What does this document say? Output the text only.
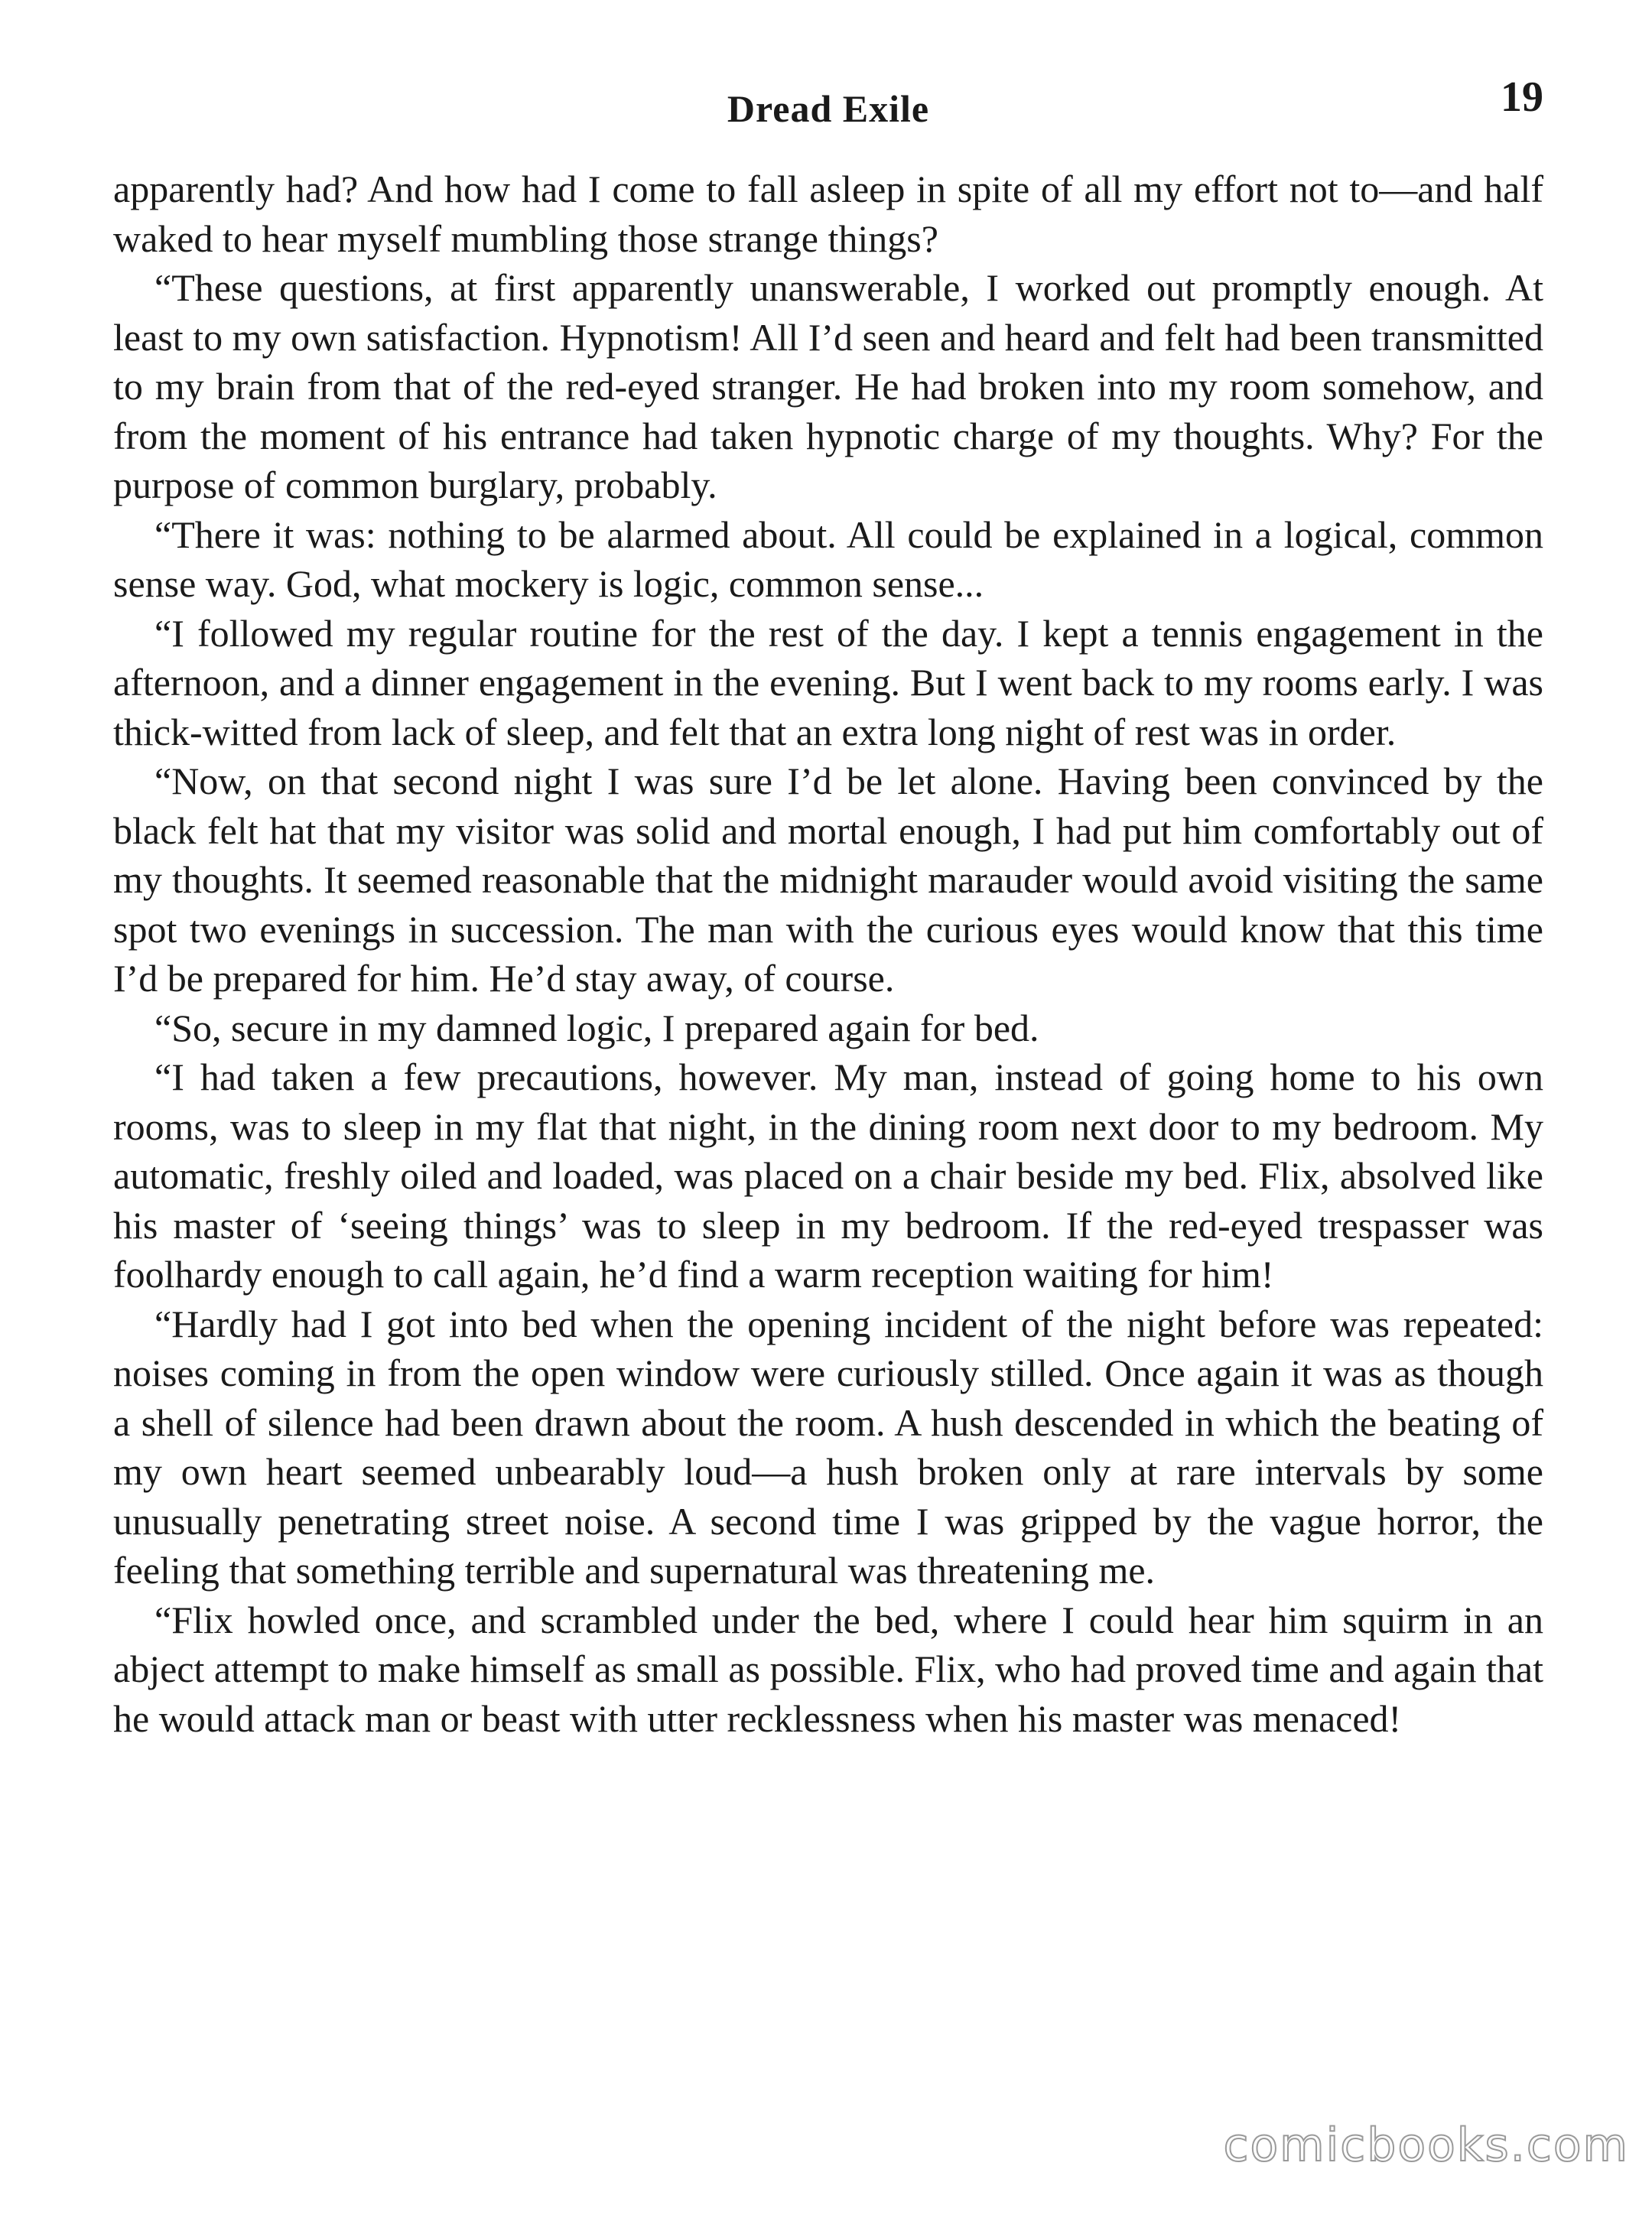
Dread Exile	19

apparently had? And how had I come to fall asleep in spite of all my effort not to—and half waked to hear myself mumbling those strange things?

“These questions, at first apparently unanswerable, I worked out promptly enough. At least to my own satisfaction. Hypnotism! All I’d seen and heard and felt had been transmitted to my brain from that of the red-eyed stranger. He had broken into my room somehow, and from the moment of his entrance had taken hypnotic charge of my thoughts. Why? For the purpose of common burglary, probably.

“There it was: nothing to be alarmed about. All could be explained in a logical, common sense way. God, what mockery is logic, common sense...

“I followed my regular routine for the rest of the day. I kept a tennis engagement in the afternoon, and a dinner engagement in the evening. But I went back to my rooms early. I was thick-witted from lack of sleep, and felt that an extra long night of rest was in order.

“Now, on that second night I was sure I’d be let alone. Having been convinced by the black felt hat that my visitor was solid and mortal enough, I had put him comfortably out of my thoughts. It seemed reasonable that the midnight marauder would avoid visiting the same spot two evenings in succession. The man with the curious eyes would know that this time I’d be prepared for him. He’d stay away, of course.

“So, secure in my damned logic, I prepared again for bed.

“I had taken a few precautions, however. My man, instead of going home to his own rooms, was to sleep in my flat that night, in the dining room next door to my bedroom. My automatic, freshly oiled and loaded, was placed on a chair beside my bed. Flix, absolved like his master of ‘seeing things’ was to sleep in my bedroom. If the red-eyed trespasser was foolhardy enough to call again, he’d find a warm reception waiting for him!

“Hardly had I got into bed when the opening incident of the night before was repeated: noises coming in from the open window were curiously stilled. Once again it was as though a shell of silence had been drawn about the room. A hush descended in which the beating of my own heart seemed unbearably loud—a hush broken only at rare intervals by some unusually penetrating street noise. A second time I was gripped by the vague horror, the feeling that something terrible and supernatural was threatening me.

“Flix howled once, and scrambled under the bed, where I could hear him squirm in an abject attempt to make himself as small as possible. Flix, who had proved time and again that he would attack man or beast with utter recklessness when his master was menaced!

comicbooks.com
